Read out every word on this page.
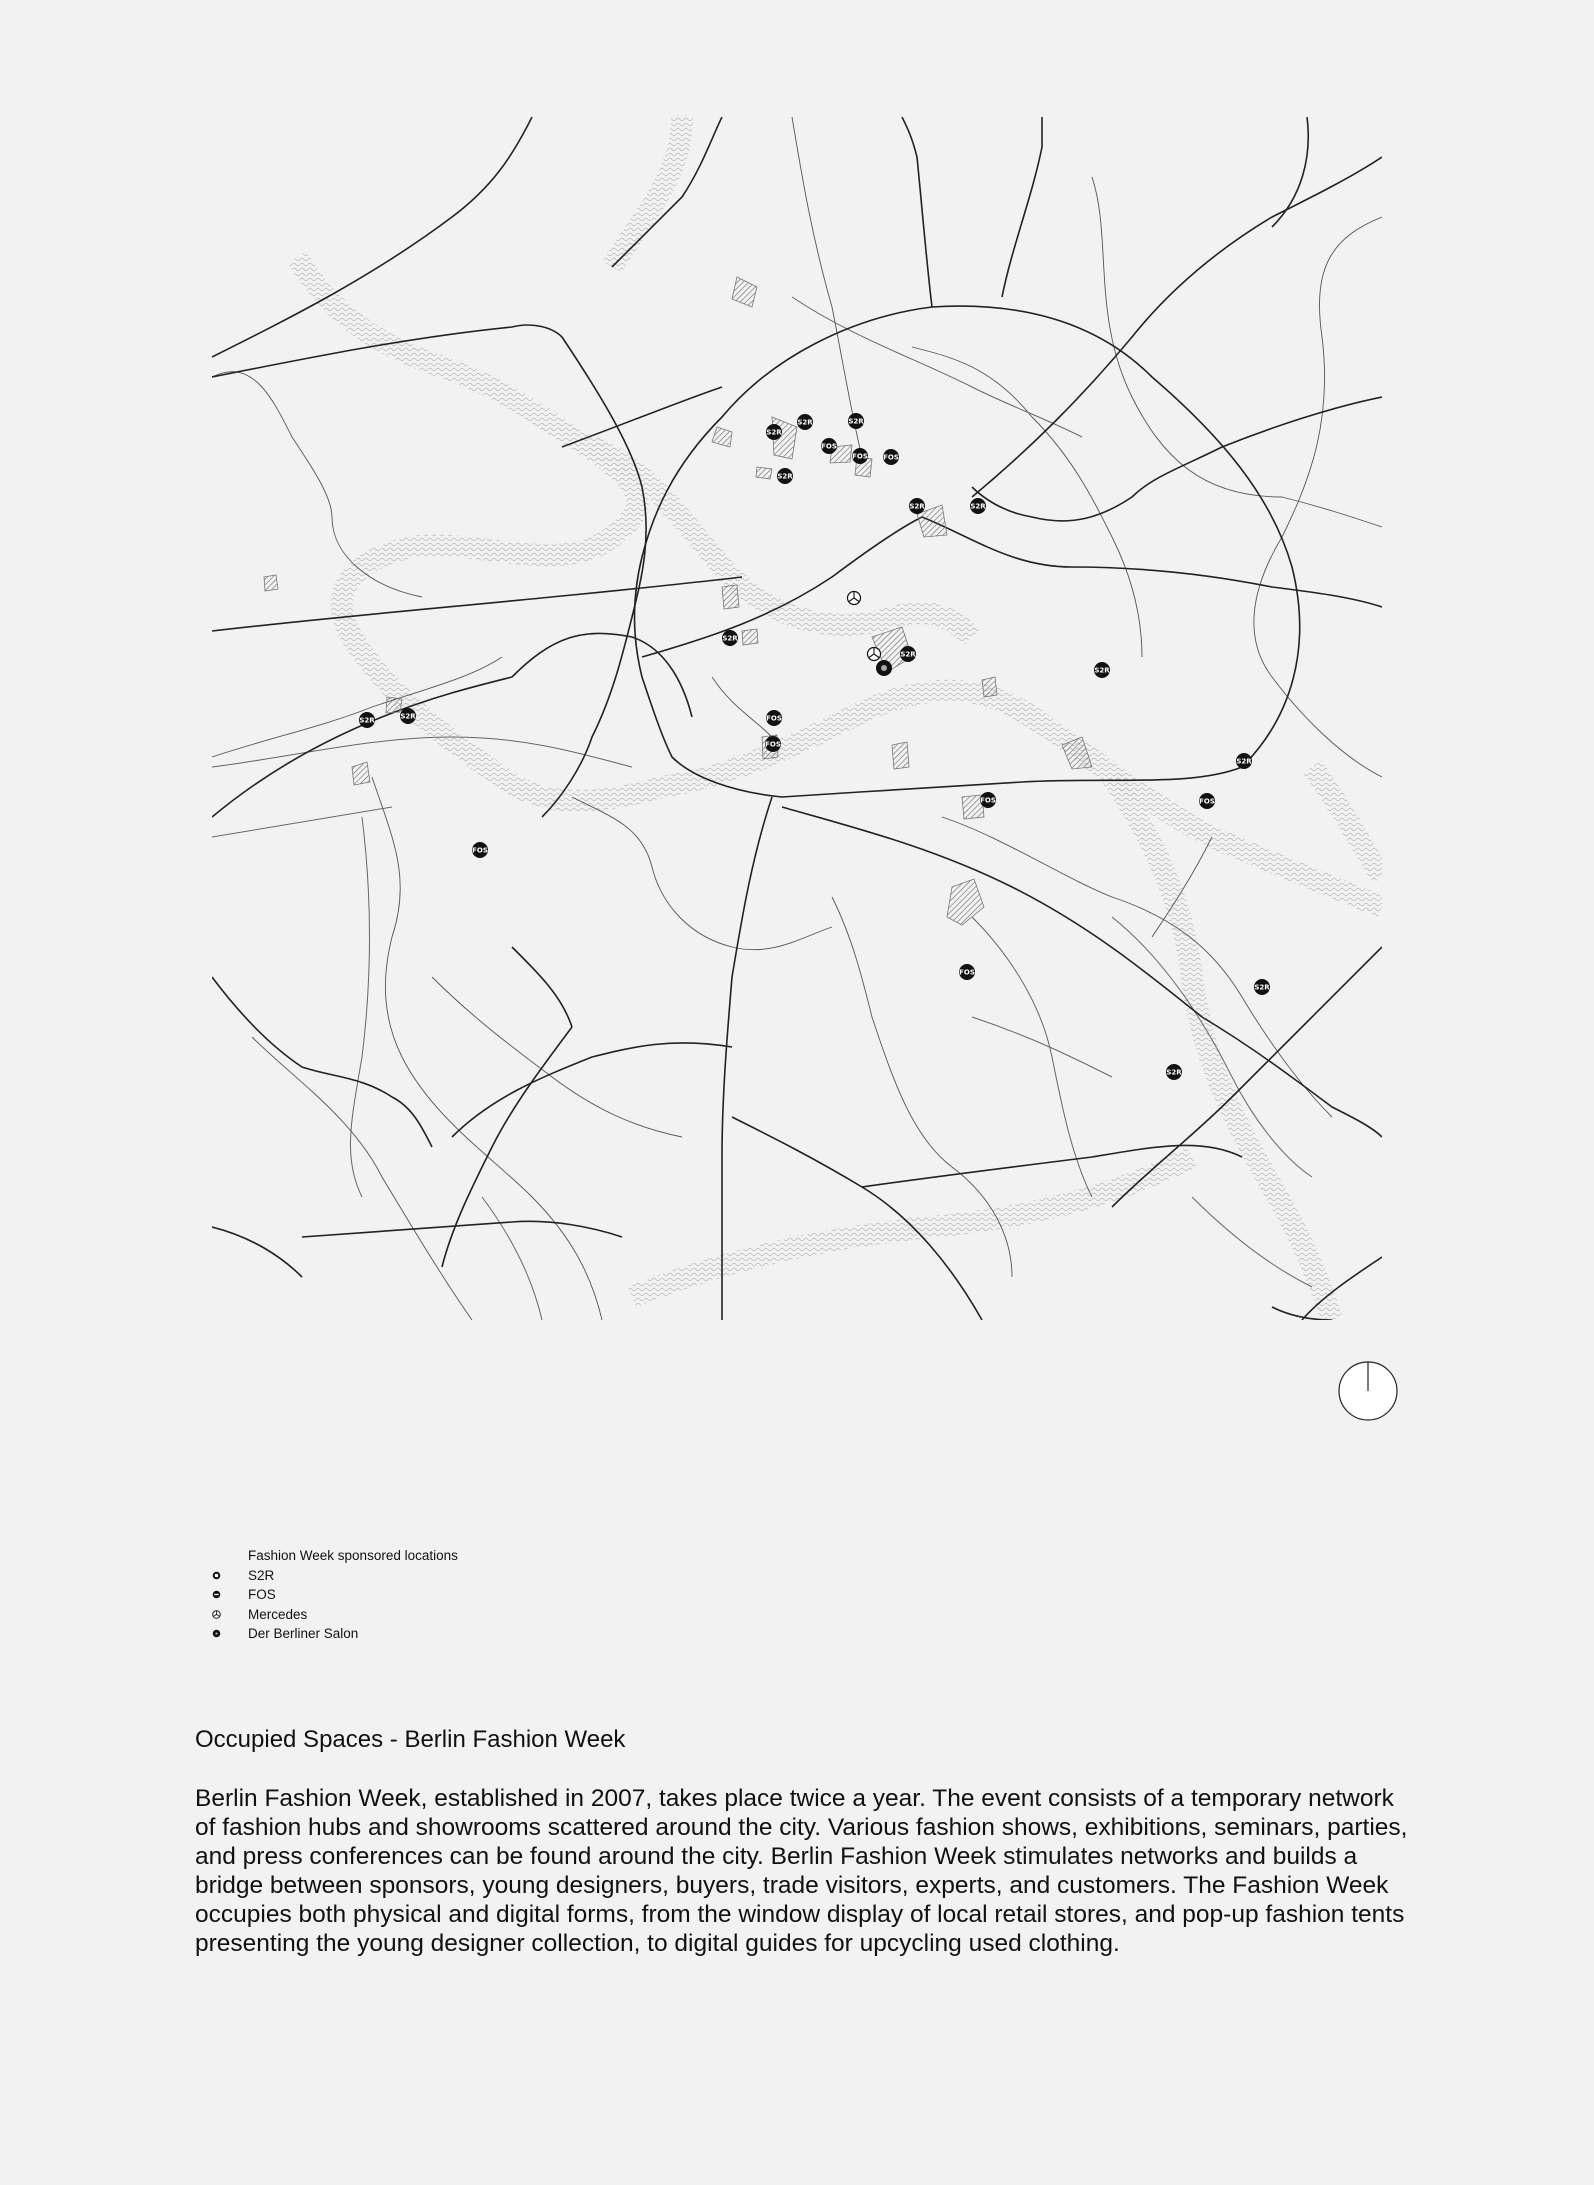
S2R
S2R
S2R
S2R	S2R
S2R
S2R	S2R
S2R
S2R
S2R
S2R
S2R
S2R
FOS
FOS FOS
FOS
FOS
FOS	FOS
FOS
FOS
Fashion Week sponsored locations
S2R
FOS
Mercedes
Der Berliner Salon
Occupied Spaces - Berlin Fashion Week

Berlin Fashion Week, established in 2007, takes place twice a year. The event consists of a temporary network of fashion hubs and showrooms scattered around the city. Various fashion shows, exhibitions, seminars, parties, and press conferences can be found around the city. Berlin Fashion Week stimulates networks and builds a bridge between sponsors, young designers, buyers, trade visitors, experts, and customers. The Fashion Week occupies both physical and digital forms, from the window display of local retail stores, and pop-up fashion tents presenting the young designer collection, to digital guides for upcycling used clothing.
